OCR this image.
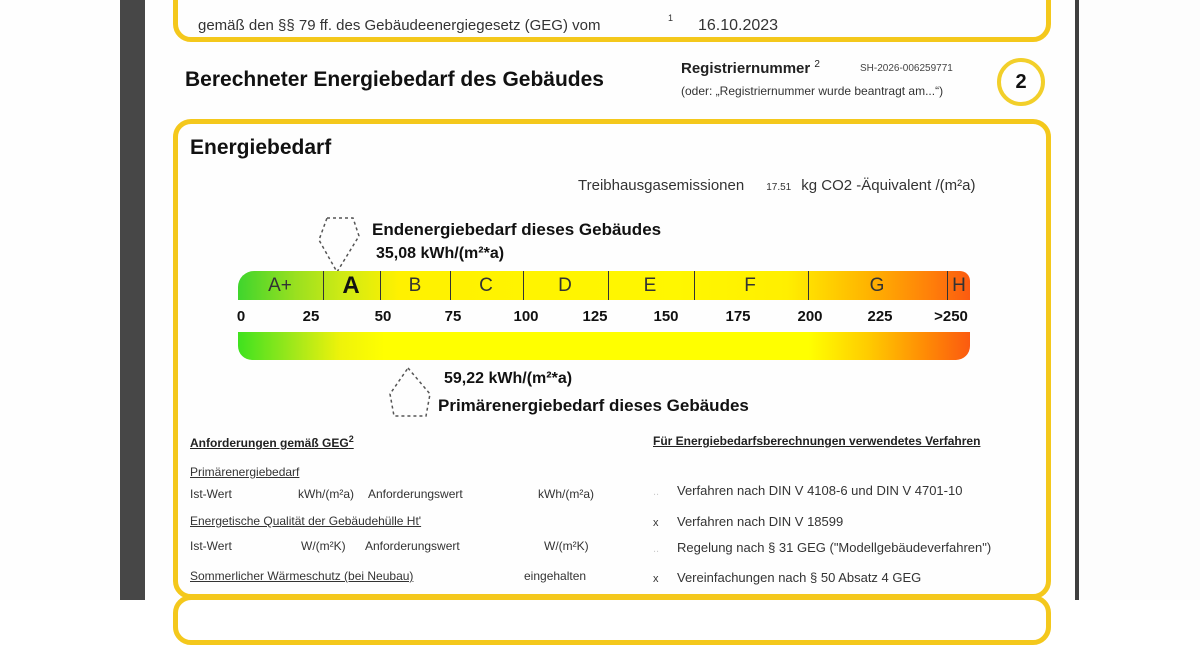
gemäß den §§ 79 ff. des Gebäudeenergiegesetz (GEG) vom	1 16.10.2023
Berechneter Energiebedarf des Gebäudes	Registriernummer $^2$	SH-2026-006259771
(oder: „Registriernummer wurde beantragt am...“)	2
Energiebedarf
Treibhausgasemissionen 17.51 kg CO2 -Äquivalent /(m²a)
Endenergiebedarf dieses Gebäudes
35,08 kWh/(m²*a)
A+ A	B	C	D	E	F	G	H
0	25	50	75	100	125	150	175	200	225	>250
59,22 kWh/(m²*a)
Primärenergiebedarf dieses Gebäudes
Anforderungen gemäß GEG$^2$
Primärenergiebedarf
Ist-Wert	kWh/(m²a) Anforderungswert	kWh/(m²a)
Energetische Qualität der Gebäudehülle Ht'
Ist-Wert	W/(m²K) Anforderungswert	W/(m²K)
Sommerlicher Wärmeschutz (bei Neubau)	eingehalten
Für Energiebedarfsberechnungen verwendetes Verfahren
.. Verfahren nach DIN V 4108-6 und DIN V 4701-10
x Verfahren nach DIN V 18599
.. Regelung nach § 31 GEG ("Modellgebäudeverfahren")
x Vereinfachungen nach § 50 Absatz 4 GEG
